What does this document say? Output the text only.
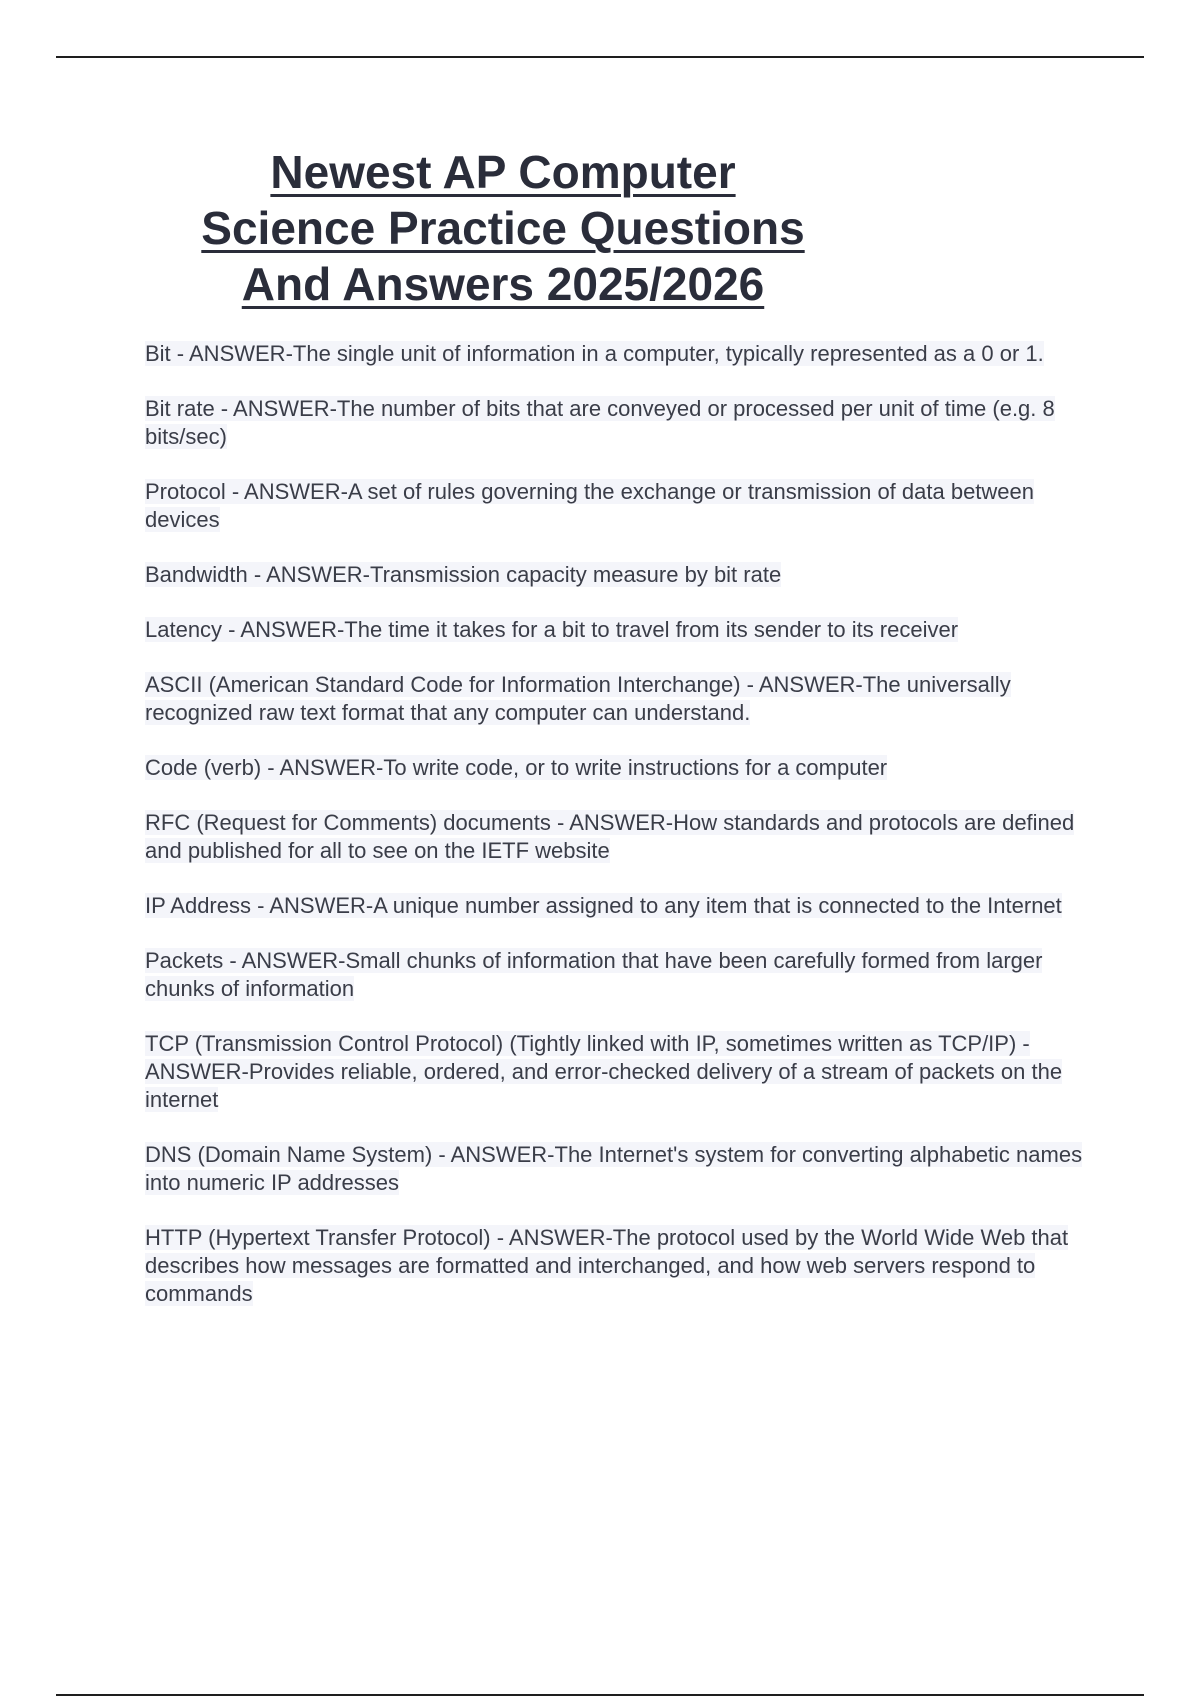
Newest AP Computer
Science Practice Questions
And Answers 2025/2026

Bit - ANSWER-The single unit of information in a computer, typically represented as a 0 or 1.

Bit rate - ANSWER-The number of bits that are conveyed or processed per unit of time (e.g. 8 bits/sec)

Protocol - ANSWER-A set of rules governing the exchange or transmission of data between devices

Bandwidth - ANSWER-Transmission capacity measure by bit rate

Latency - ANSWER-The time it takes for a bit to travel from its sender to its receiver

ASCII (American Standard Code for Information Interchange) - ANSWER-The universally recognized raw text format that any computer can understand.

Code (verb) - ANSWER-To write code, or to write instructions for a computer

RFC (Request for Comments) documents - ANSWER-How standards and protocols are defined and published for all to see on the IETF website

IP Address - ANSWER-A unique number assigned to any item that is connected to the Internet

Packets - ANSWER-Small chunks of information that have been carefully formed from larger chunks of information

TCP (Transmission Control Protocol) (Tightly linked with IP, sometimes written as TCP/IP) - ANSWER-Provides reliable, ordered, and error-checked delivery of a stream of packets on the internet

DNS (Domain Name System) - ANSWER-The Internet's system for converting alphabetic names into numeric IP addresses

HTTP (Hypertext Transfer Protocol) - ANSWER-The protocol used by the World Wide Web that describes how messages are formatted and interchanged, and how web servers respond to commands
